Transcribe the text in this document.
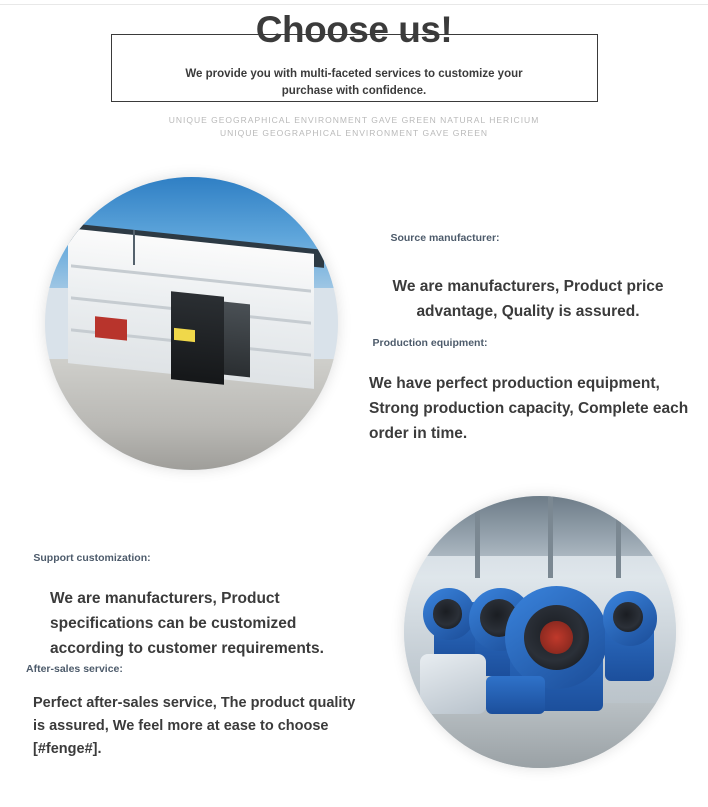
Choose us!
We provide you with multi-faceted services to customize your purchase with confidence.
UNIQUE GEOGRAPHICAL ENVIRONMENT GAVE GREEN NATURAL HERICIUM
UNIQUE GEOGRAPHICAL ENVIRONMENT GAVE GREEN
Source manufacturer:
We are manufacturers, Product price advantage, Quality is assured.
Production equipment:
We have perfect production equipment, Strong production capacity, Complete each order in time.
Support customization:
We are manufacturers, Product specifications can be customized according to customer requirements.
After-sales service:
Perfect after-sales service, The product quality is assured, We feel more at ease to choose [#fenge#].
